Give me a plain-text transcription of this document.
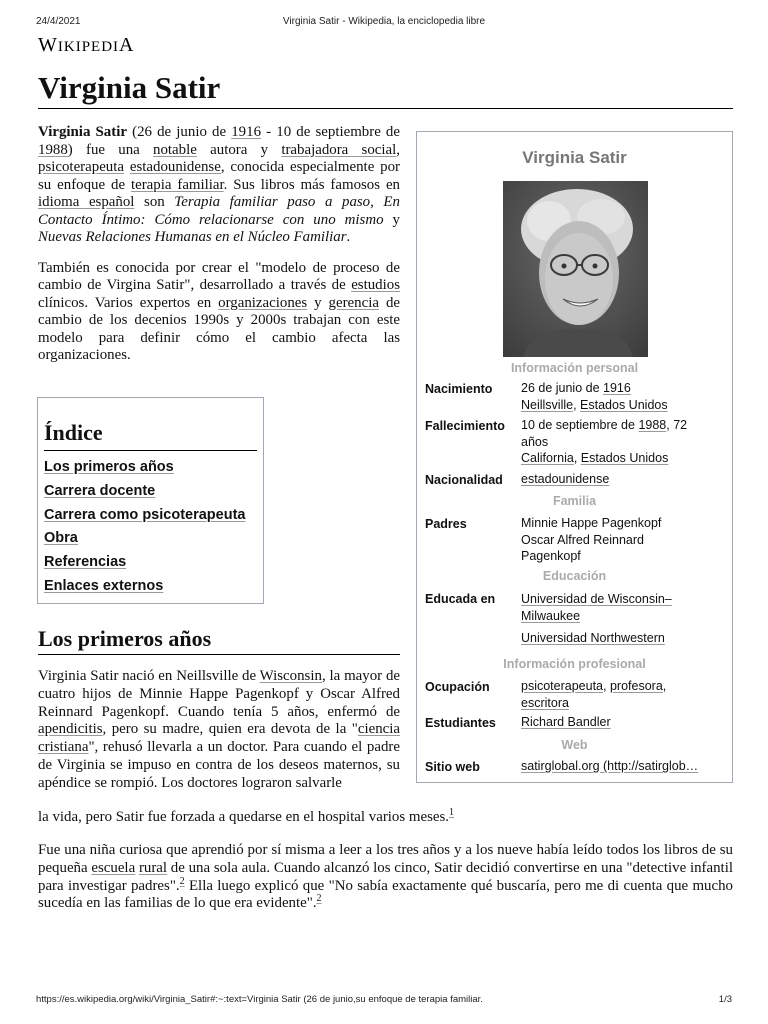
24/4/2021	Virginia Satir - Wikipedia, la enciclopedia libre
WIKIPEDIA
Virginia Satir

Virginia Satir (26 de junio de 1916 - 10 de septiembre de 1988) fue una notable autora y trabajadora social, psicoterapeuta estadounidense, conocida especialmente por su enfoque de terapia familiar. Sus libros más famosos en idioma español son Terapia familiar paso a paso, En Contacto Íntimo: Cómo relacionarse con uno mismo y Nuevas Relaciones Humanas en el Núcleo Familiar.

También es conocida por crear el "modelo de proceso de cambio de Virgina Satir", desarrollado a través de estudios clínicos. Varios expertos en organizaciones y gerencia de cambio de los decenios 1990s y 2000s trabajan con este modelo para definir cómo el cambio afecta las organizaciones.

Índice
Los primeros años
Carrera docente
Carrera como psicoterapeuta
Obra
Referencias
Enlaces externos
Los primeros años
Virginia Satir nació en Neillsville de Wisconsin, la mayor de cuatro hijos de Minnie Happe Pagenkopf y Oscar Alfred Reinnard Pagenkopf. Cuando tenía 5 años, enfermó de apendicitis, pero su madre, quien era devota de la "ciencia cristiana", rehusó llevarla a un doctor. Para cuando el padre de Virginia se impuso en contra de los deseos maternos, su apéndice se rompió. Los doctores lograron salvarle
la vida, pero Satir fue forzada a quedarse en el hospital varios meses.$^1$

Fue una niña curiosa que aprendió por sí misma a leer a los tres años y a los nueve había leído todos los libros de su pequeña escuela rural de una sola aula. Cuando alcanzó los cinco, Satir decidió convertirse en una "detective infantil para investigar padres".$^2$ Ella luego explicó que "No sabía exactamente qué buscaría, pero me di cuenta que mucho sucedía en las familias de lo que era evidente".$^2$

Virginia Satir
Información personal
Nacimiento 26 de junio de 1916
Neillsville, Estados Unidos
Fallecimiento 10 de septiembre de 1988, 72
años
California, Estados Unidos
Nacionalidad estadounidense
Familia
Padres	Minnie Happe Pagenkopf
Oscar Alfred Reinnard
Pagenkopf
Educación
Educada en Universidad de Wisconsin–
Milwaukee
Universidad Northwestern
Información profesional
Ocupación	psicoterapeuta, profesora,
escritora
Estudiantes Richard Bandler
Web
Sitio web	satirglobal.org (http://satirglob…
https://es.wikipedia.org/wiki/Virginia_Satir#:~:text=Virginia Satir (26 de junio,su enfoque de terapia familiar.	1/3
